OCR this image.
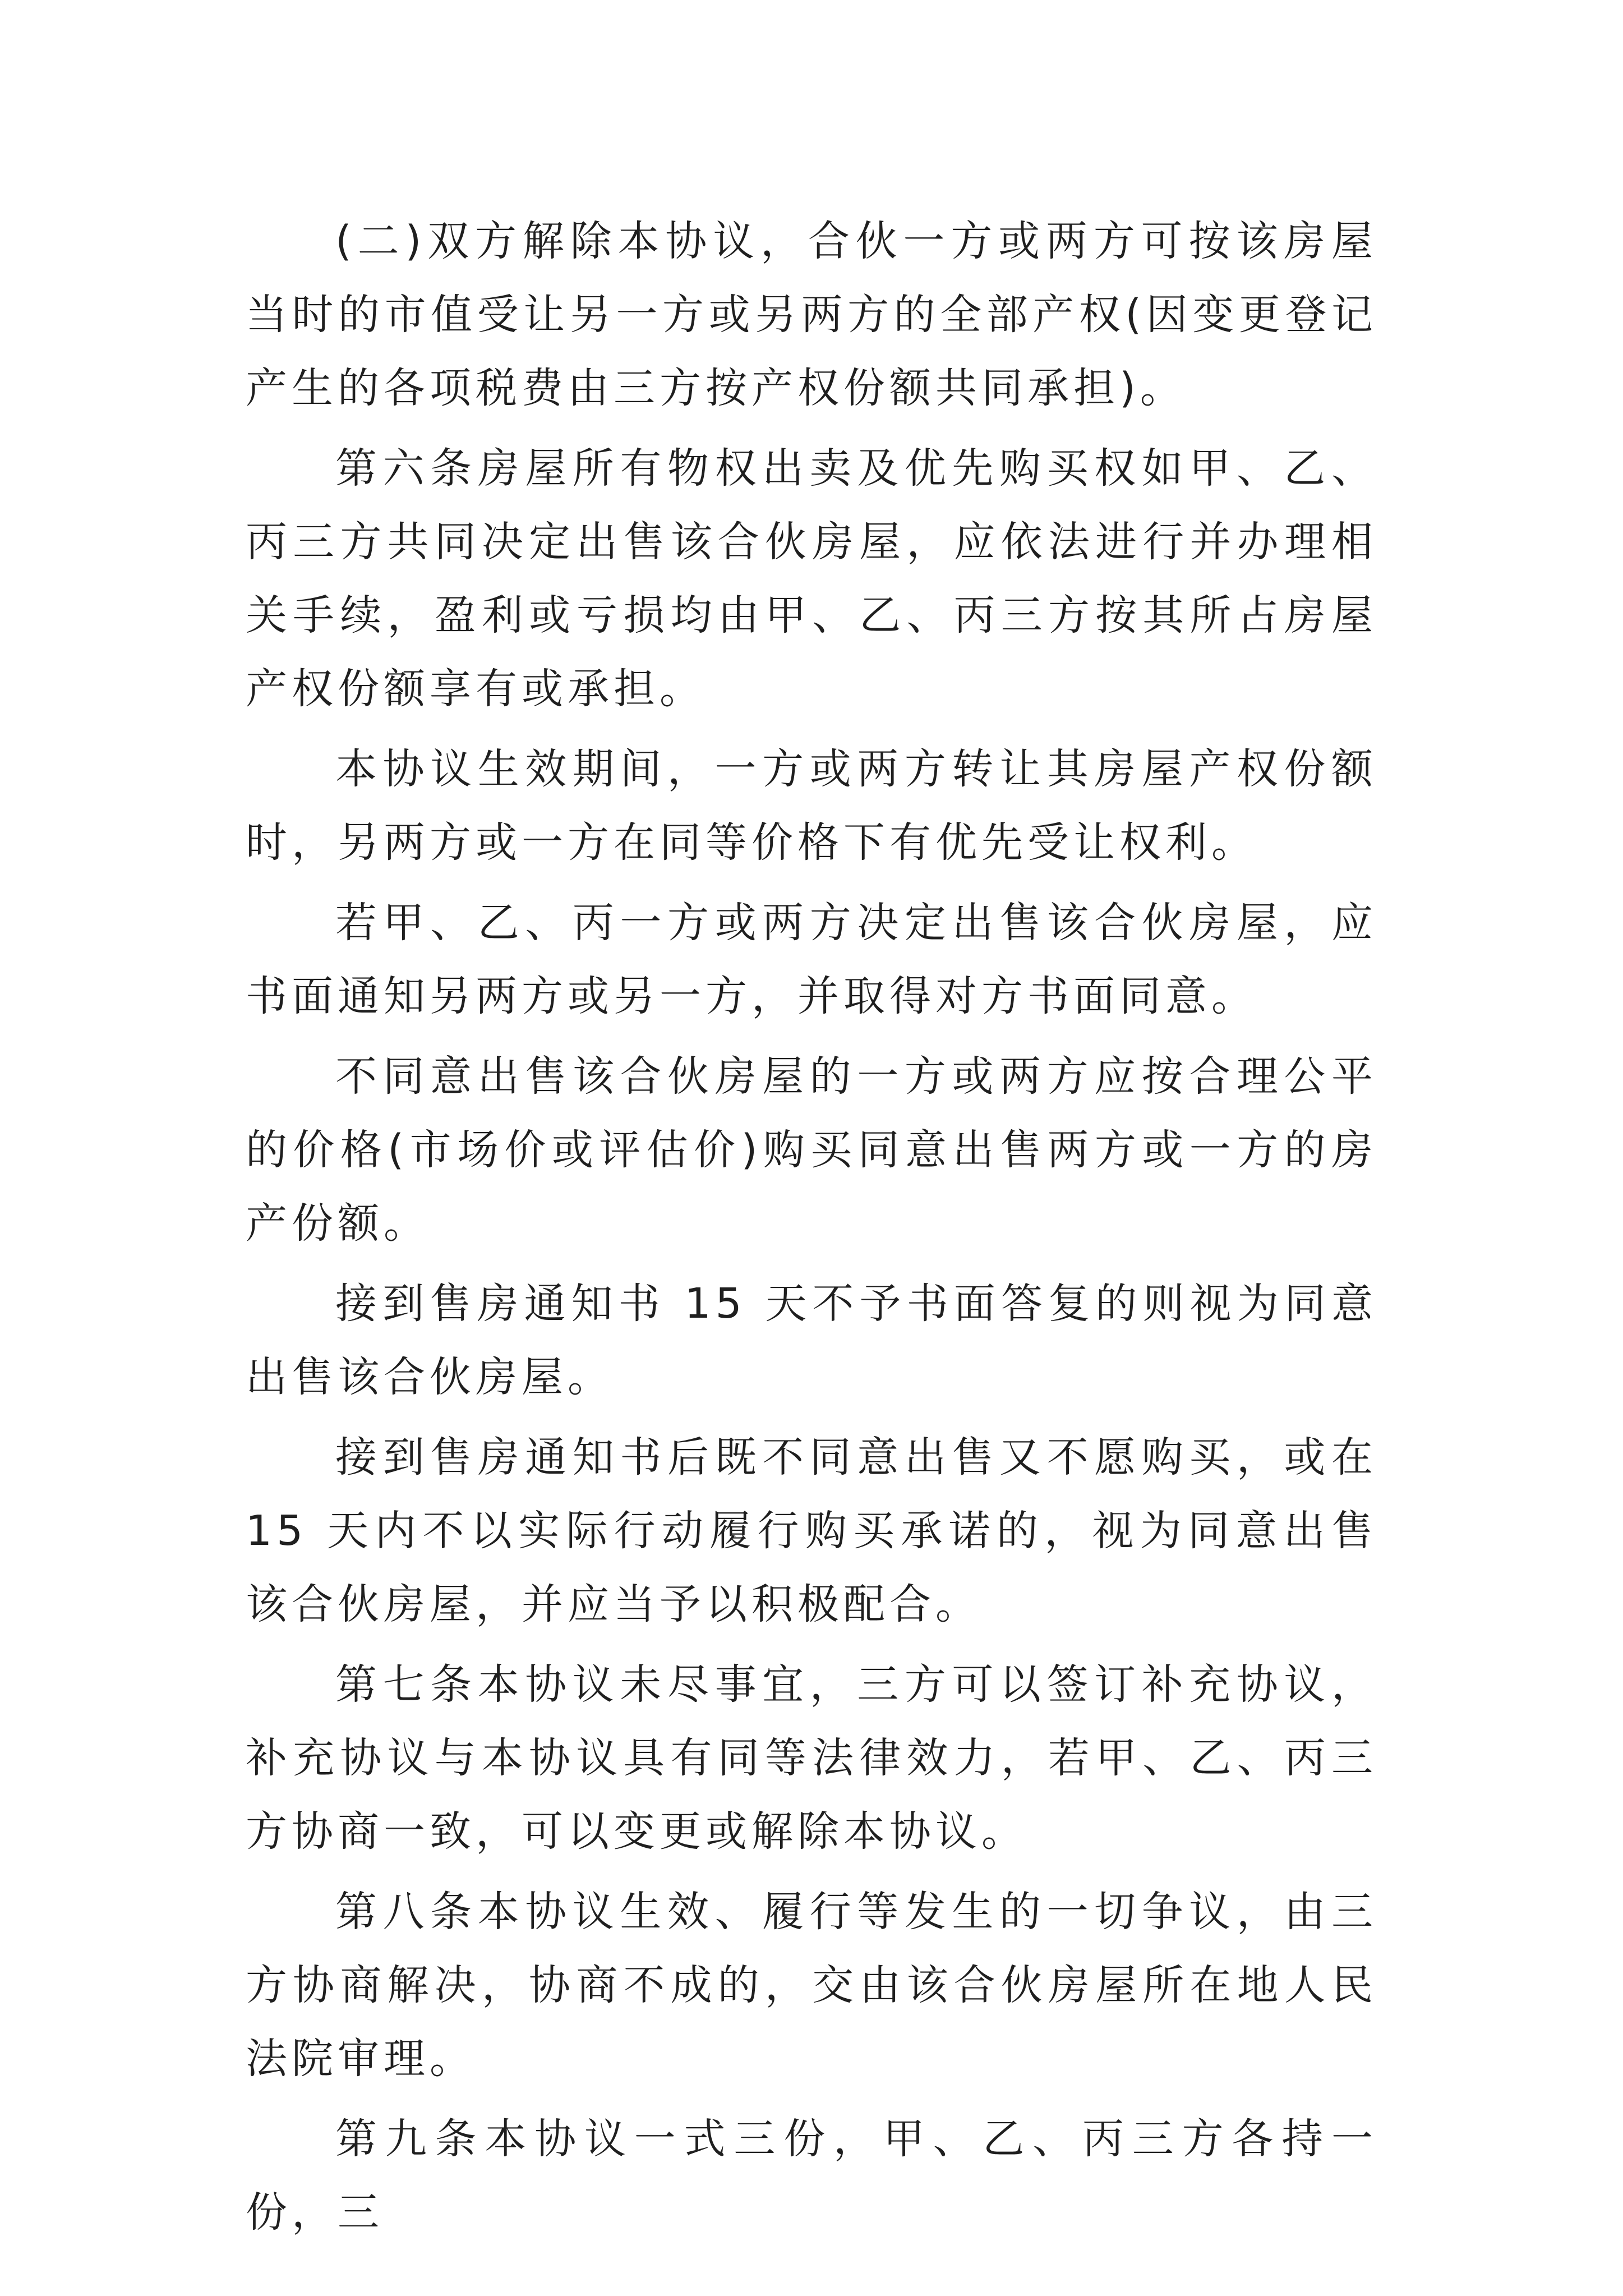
(二)双方解除本协议，合伙一方或两方可按该房屋当时的市值受让另一方或另两方的全部产权(因变更登记产生的各项税费由三方按产权份额共同承担)。

第六条房屋所有物权出卖及优先购买权如甲、乙、丙三方共同决定出售该合伙房屋，应依法进行并办理相关手续，盈利或亏损均由甲、乙、丙三方按其所占房屋产权份额享有或承担。

本协议生效期间，一方或两方转让其房屋产权份额时，另两方或一方在同等价格下有优先受让权利。

若甲、乙、丙一方或两方决定出售该合伙房屋，应书面通知另两方或另一方，并取得对方书面同意。

不同意出售该合伙房屋的一方或两方应按合理公平的价格(市场价或评估价)购买同意出售两方或一方的房产份额。

接到售房通知书 15 天不予书面答复的则视为同意出售该合伙房屋。

接到售房通知书后既不同意出售又不愿购买，或在 15 天内不以实际行动履行购买承诺的，视为同意出售该合伙房屋，并应当予以积极配合。

第七条本协议未尽事宜，三方可以签订补充协议，补充协议与本协议具有同等法律效力，若甲、乙、丙三方协商一致，可以变更或解除本协议。

第八条本协议生效、履行等发生的一切争议，由三方协商解决，协商不成的，交由该合伙房屋所在地人民法院审理。

第九条本协议一式三份，甲、乙、丙三方各持一份，三
